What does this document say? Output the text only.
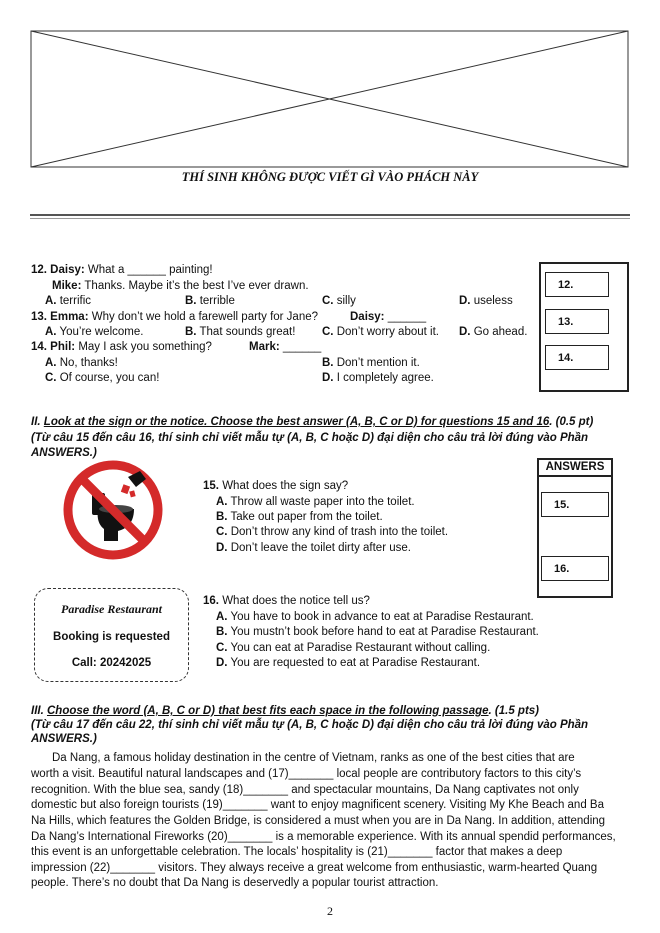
THÍ SINH KHÔNG ĐƯỢC VIẾT GÌ VÀO PHÁCH NÀY
12. Daisy: What a ______ painting!
Mike: Thanks. Maybe it’s the best I’ve ever drawn.
A. terrific	B. terrible	C. silly	D. useless
13. Emma: Why don’t we hold a farewell party for Jane?	Daisy: ______
A. You’re welcome.	B. That sounds great! C. Don’t worry about it. D. Go ahead.
14. Phil: May I ask you something?	Mark: ______
A. No, thanks!	B. Don’t mention it.
C. Of course, you can!	D. I completely agree.
12.
13.
14.
II. Look at the sign or the notice. Choose the best answer (A, B, C or D) for questions 15 and 16. (0.5 pt)
(Từ câu 15 đến câu 16, thí sinh chỉ viết mẫu tự (A, B, C hoặc D) đại diện cho câu trả lời đúng vào Phần
ANSWERS.)
ANSWERS
15.
16.
15. What does the sign say?
A. Throw all waste paper into the toilet.
B. Take out paper from the toilet.
C. Don’t throw any kind of trash into the toilet.
D. Don’t leave the toilet dirty after use.
Paradise Restaurant
Booking is requested
Call: 20242025
16. What does the notice tell us?
A. You have to book in advance to eat at Paradise Restaurant.
B. You mustn’t book before hand to eat at Paradise Restaurant.
C. You can eat at Paradise Restaurant without calling.
D. You are requested to eat at Paradise Restaurant.
III. Choose the word (A, B, C or D) that best fits each space in the following passage. (1.5 pts)
(Từ câu 17 đến câu 22, thí sinh chỉ viết mẫu tự (A, B, C hoặc D) đại diện cho câu trả lời đúng vào Phần
ANSWERS.)
Da Nang, a famous holiday destination in the centre of Vietnam, ranks as one of the best cities that are
worth a visit. Beautiful natural landscapes and (17)_______ local people are contributory factors to this city’s
recognition. With the blue sea, sandy (18)_______ and spectacular mountains, Da Nang captivates not only
domestic but also foreign tourists (19)_______ want to enjoy magnificent scenery. Visiting My Khe Beach and Ba
Na Hills, which features the Golden Bridge, is considered a must when you are in Da Nang. In addition, attending
Da Nang’s International Fireworks (20)_______ is a memorable experience. With its annual spendid performances,
this event is an unforgettable celebration. The locals’ hospitality is (21)_______ factor that makes a deep
impression (22)_______ visitors. They always receive a great welcome from enthusiastic, warm-hearted Quang
people. There’s no doubt that Da Nang is deservedly a popular tourist attraction.
2
